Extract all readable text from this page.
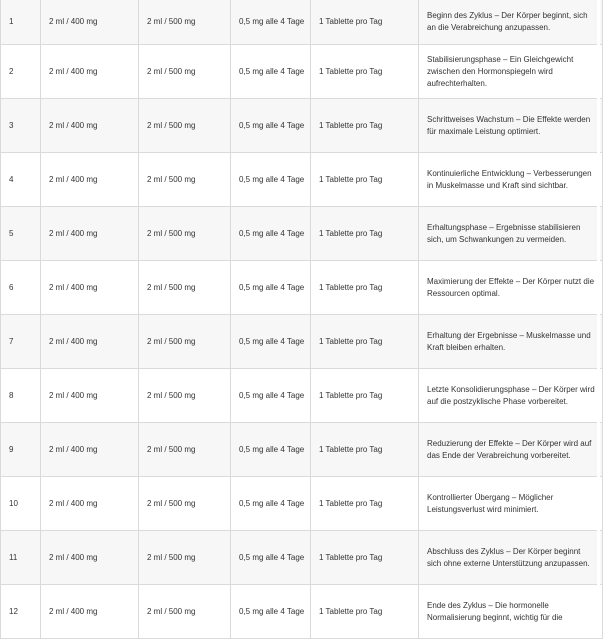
1	2 ml / 400 mg	2 ml / 500 mg	0,5 mg alle 4 Tage	1 Tablette pro Tag	Beginn des Zyklus – Der Körper beginnt, sich an die Verabreichung anzupassen.
2	2 ml / 400 mg	2 ml / 500 mg	0,5 mg alle 4 Tage	1 Tablette pro Tag	Stabilisierungsphase – Ein Gleichgewicht zwischen den Hormonspiegeln wird aufrechterhalten.
3	2 ml / 400 mg	2 ml / 500 mg	0,5 mg alle 4 Tage	1 Tablette pro Tag	Schrittweises Wachstum – Die Effekte werden für maximale Leistung optimiert.
4	2 ml / 400 mg	2 ml / 500 mg	0,5 mg alle 4 Tage	1 Tablette pro Tag	Kontinuierliche Entwicklung – Verbesserungen in Muskelmasse und Kraft sind sichtbar.
5	2 ml / 400 mg	2 ml / 500 mg	0,5 mg alle 4 Tage	1 Tablette pro Tag	Erhaltungsphase – Ergebnisse stabilisieren sich, um Schwankungen zu vermeiden.
6	2 ml / 400 mg	2 ml / 500 mg	0,5 mg alle 4 Tage	1 Tablette pro Tag	Maximierung der Effekte – Der Körper nutzt die Ressourcen optimal.
7	2 ml / 400 mg	2 ml / 500 mg	0,5 mg alle 4 Tage	1 Tablette pro Tag	Erhaltung der Ergebnisse – Muskelmasse und Kraft bleiben erhalten.
8	2 ml / 400 mg	2 ml / 500 mg	0,5 mg alle 4 Tage	1 Tablette pro Tag	Letzte Konsolidierungsphase – Der Körper wird auf die postzyklische Phase vorbereitet.
9	2 ml / 400 mg	2 ml / 500 mg	0,5 mg alle 4 Tage	1 Tablette pro Tag	Reduzierung der Effekte – Der Körper wird auf das Ende der Verabreichung vorbereitet.
10	2 ml / 400 mg	2 ml / 500 mg	0,5 mg alle 4 Tage	1 Tablette pro Tag	Kontrollierter Übergang – Möglicher Leistungsverlust wird minimiert.
11	2 ml / 400 mg	2 ml / 500 mg	0,5 mg alle 4 Tage	1 Tablette pro Tag	Abschluss des Zyklus – Der Körper beginnt sich ohne externe Unterstützung anzupassen.
12	2 ml / 400 mg	2 ml / 500 mg	0,5 mg alle 4 Tage	1 Tablette pro Tag	Ende des Zyklus – Die hormonelle Normalisierung beginnt, wichtig für die
